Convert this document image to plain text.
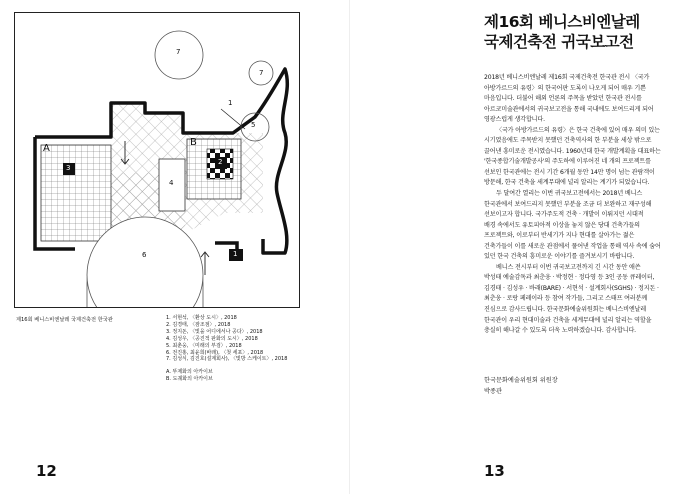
7
7
1
5
A
B
3
2
4
6	1
제16회 베니스비엔날레 국제건축전 한국관	1. 서현석, 〈환상 도시〉, 2018
2. 김경태, 〈잠조점〉, 2018
3. 정지돈, 〈빛을 어디에서나 공다〉, 2018
4. 김성우, 〈공진적 판화의 도시〉, 2018
5. 최춘웅, 〈미래의 부검〉, 2018
6. 전진홍, 최윤희(바래), 〈첫 세포〉, 2018
7. 김성식, 김진호(설계회사), 〈빛방 스케이트〉, 2018
A. 뚜제화의 아카이브
B. 도궤화의 아카이브
12
제16회 베니스비엔날레
국제건축전 귀국보고전

2018년 베니스비엔날레 제16회 국제건축전 한국관 전시 〈국가
아방가르드의 유령〉의 한국어판 도록이 나오게 되어 매우 기쁜
마음입니다. 더불어 해외 언론의 주목을 받았던 한국관 전시를
아르코미술관에서의 귀국보고전을 통해 국내에도 보여드리게 되어
영광스럽게 생각합니다.

〈국가 아방가르드의 유령〉은 한국 건축에 있어 매우 의미 있는
시기였음에도 주목받지 못했던 건축역사의 한 부분을 세상 밖으로
끌어낸 흥미로운 전시였습니다. 1960년대 한국 개발계획을 대표하는
'한국종합기술개발공사'의 주도하에 이루어진 네 개의 프로젝트를
선보인 한국관에는 전시 기간 6개월 동안 14만 명이 넘는 관람객이
방문해, 한국 건축을 세계무대에 널리 알리는 계기가 되었습니다.

두 달여간 열리는 이번 귀국보고전에서는 2018년 베니스
한국관에서 보여드리지 못했던 부분을 조금 더 보완하고 재구성해
선보이고자 합니다. 국가주도적 건축 · 개발이 이뤄지던 시대적
배경 속에서도 유토피아적 이상을 놓지 않은 당대 건축가들의
프로젝트와, 이로부터 반세기가 지나 현대를 살아가는 젊은
건축가들이 이를 새로운 관점에서 풀어낸 작업을 통해 역사 속에 숨어
있던 한국 건축의 흥미로운 이야기를 즐겨보시기 바랍니다.

베니스 전시부터 이번 귀국보고전까지 긴 시간 동안 애쓴
박성태 예술감독과 최춘웅 · 박정현 · 정다영 등 3인 공동 큐레이터,
김경태 · 김성우 · 바래(BARE) · 서현석 · 설계회사(SGHS) · 정지돈 ·
최춘웅 · 로랑 페레이라 등 참여 작가들, 그리고 스태프 여러분께
진심으로 감사드립니다. 한국문화예술위원회는 베니스비엔날레
한국관이 우리 현대미술과 건축을 세계무대에 널리 알리는 역할을
충실히 해나갈 수 있도록 더욱 노력하겠습니다. 감사합니다.

한국문화예술위원회 위원장
박종관
13
